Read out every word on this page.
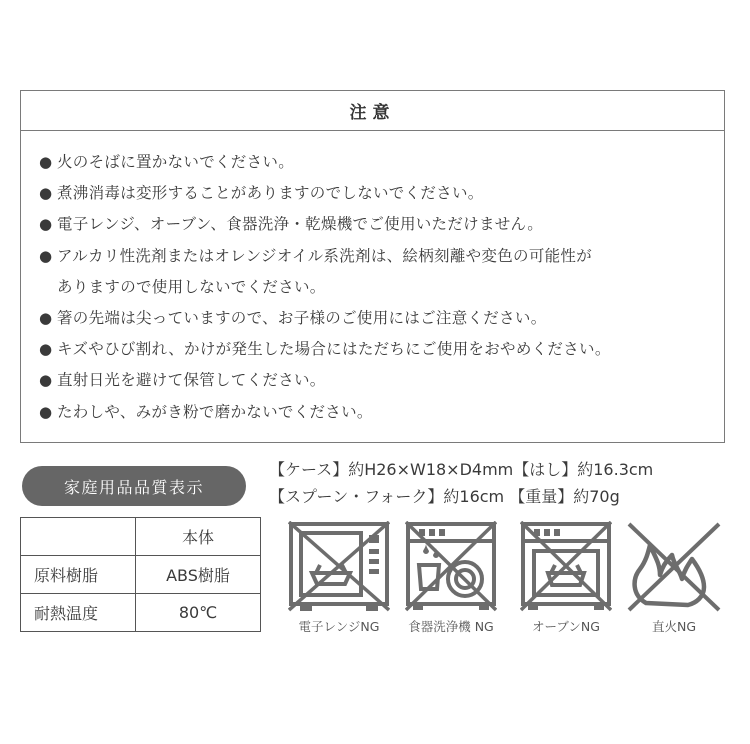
注意
● 火のそばに置かないでください。
● 煮沸消毒は変形することがありますのでしないでください。
● 電子レンジ、オーブン、食器洗浄・乾燥機でご使用いただけません。
● アルカリ性洗剤またはオレンジオイル系洗剤は、絵柄刻離や変色の可能性が
ありますので使用しないでください。
● 箸の先端は尖っていますので、お子様のご使用にはご注意ください。
● キズやひび割れ、かけが発生した場合にはただちにご使用をおやめください。
● 直射日光を避けて保管してください。
● たわしや、みがき粉で磨かないでください。
家庭用品品質表示
【ケース】約H26×W18×D4mm【はし】約16.3cm
【スプーン・フォーク】約16cm 【重量】約70g
	本体
原料樹脂	ABS樹脂
耐熱温度	80℃
電子レンジNG	食器洗浄機 NG	オーブンNG	直火NG
